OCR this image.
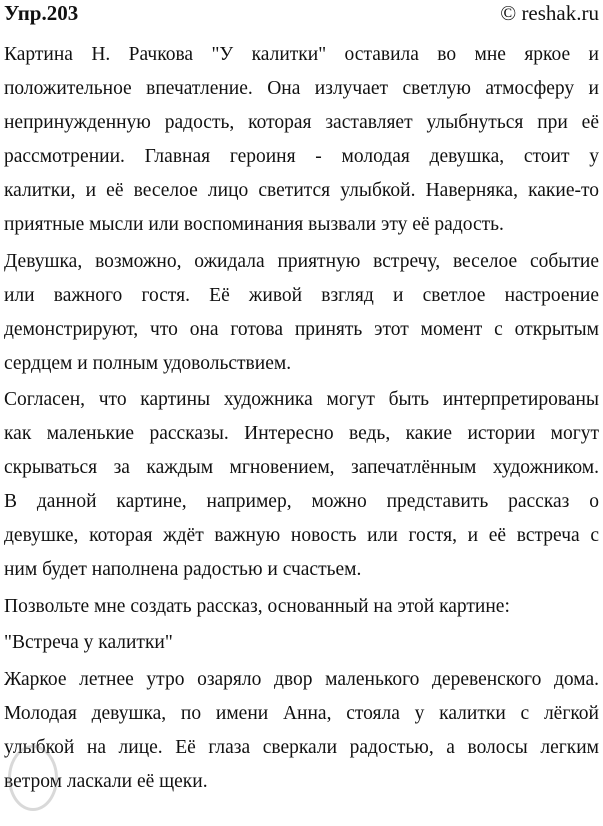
Упр.203	© reshak.ru
Картина Н. Рачкова "У калитки" оставила во мне яркое и
положительное впечатление. Она излучает светлую атмосферу и
непринужденную радость, которая заставляет улыбнуться при её
рассмотрении. Главная героиня - молодая девушка, стоит у
калитки, и её веселое лицо светится улыбкой. Наверняка, какие-то
приятные мысли или воспоминания вызвали эту её радость.
Девушка, возможно, ожидала приятную встречу, веселое событие
или важного гостя. Её живой взгляд и светлое настроение
демонстрируют, что она готова принять этот момент с открытым
сердцем и полным удовольствием.
Согласен, что картины художника могут быть интерпретированы
как маленькие рассказы. Интересно ведь, какие истории могут
скрываться за каждым мгновением, запечатлённым художником.
В данной картине, например, можно представить рассказ о
девушке, которая ждёт важную новость или гостя, и её встреча с
ним будет наполнена радостью и счастьем.
Позвольте мне создать рассказ, основанный на этой картине:
"Встреча у калитки"
Жаркое летнее утро озаряло двор маленького деревенского дома.
Молодая девушка, по имени Анна, стояла у калитки с лёгкой
улыбкой на лице. Её глаза сверкали радостью, а волосы легким
ветром ласкали её щеки.
